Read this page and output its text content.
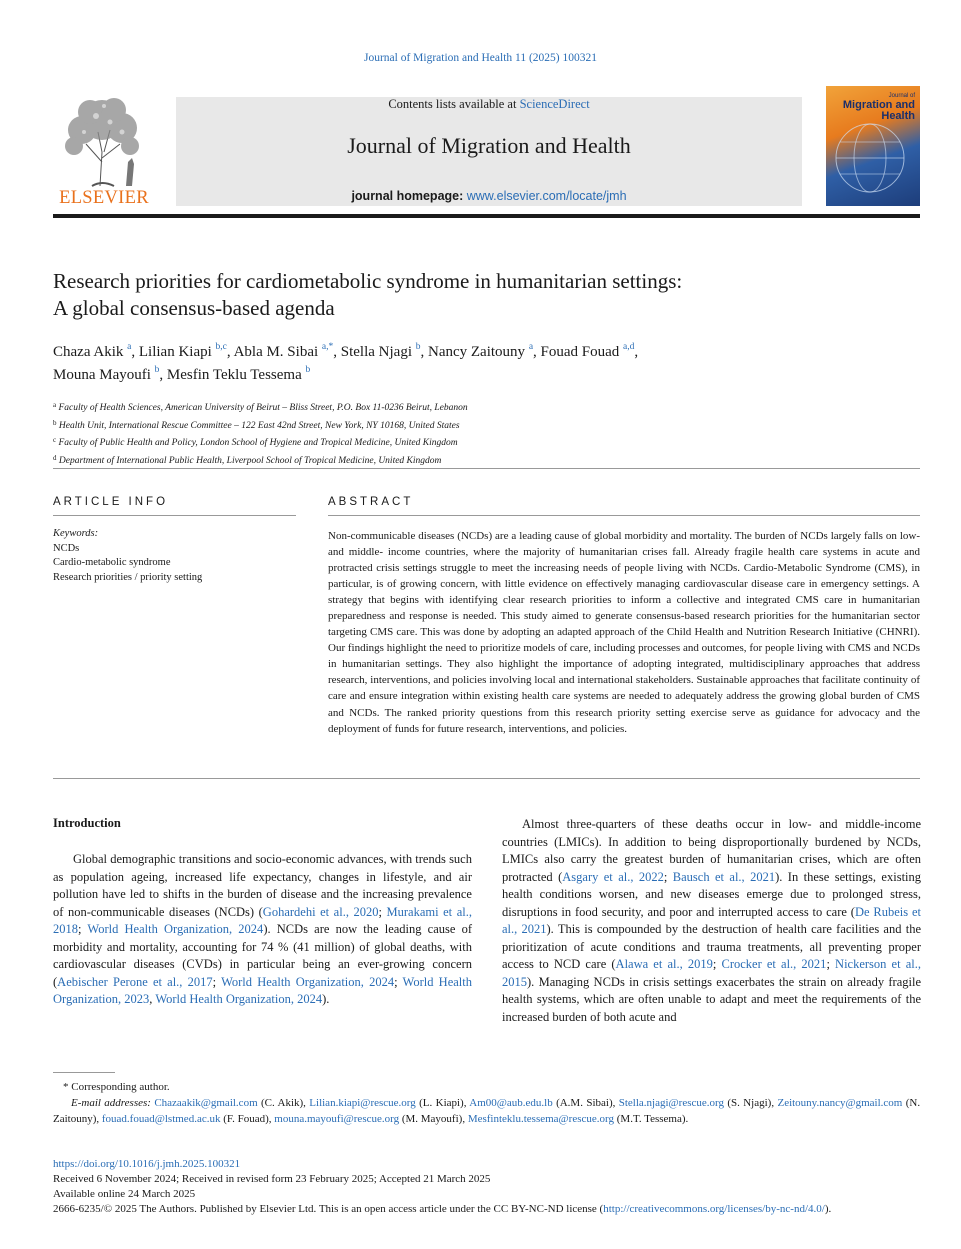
Journal of Migration and Health 11 (2025) 100321
ELSEVIER
Contents lists available at ScienceDirect
Journal of Migration and Health
journal homepage: www.elsevier.com/locate/jmh
Journal of
Migration and
Health
Research priorities for cardiometabolic syndrome in humanitarian settings:
A global consensus-based agenda
Chaza Akik $^a$, Lilian Kiapi $^{b,c}$, Abla M. Sibai $^{a,*}$, Stella Njagi $^b$, Nancy Zaitouny $^a$, Fouad Fouad $^{a,d}$,
Mouna Mayoufi $^b$, Mesfin Teklu Tessema $^b$
$^a$ Faculty of Health Sciences, American University of Beirut – Bliss Street, P.O. Box 11-0236 Beirut, Lebanon
$^b$ Health Unit, International Rescue Committee – 122 East 42nd Street, New York, NY 10168, United States
$^c$ Faculty of Public Health and Policy, London School of Hygiene and Tropical Medicine, United Kingdom
$^d$ Department of International Public Health, Liverpool School of Tropical Medicine, United Kingdom
ARTICLE INFO	ABSTRACT
Keywords:
NCDs
Cardio-metabolic syndrome
Research priorities / priority setting
Non-communicable diseases (NCDs) are a leading cause of global morbidity and mortality. The burden of NCDs largely falls on low- and middle- income countries, where the majority of humanitarian crises fall. Already fragile health care systems in acute and protracted crisis settings struggle to meet the increasing needs of people living with NCDs. Cardio-Metabolic Syndrome (CMS), in particular, is of growing concern, with little evidence on effectively managing cardiovascular disease care in emergency settings. A strategy that begins with identifying clear research priorities to inform a collective and integrated CMS care in humanitarian preparedness and response is needed. This study aimed to generate consensus-based research priorities for the humanitarian sector targeting CMS care. This was done by adopting an adapted approach of the Child Health and Nutrition Research Initiative (CHNRI). Our findings highlight the need to prioritize models of care, including processes and outcomes, for people living with CMS and NCDs in humanitarian settings. They also highlight the importance of adopting integrated, multidisciplinary approaches that address research, interventions, and policies involving local and international stakeholders. Sustainable approaches that facilitate continuity of care and ensure integration within existing health care systems are needed to adequately address the growing global burden of CMS and NCDs. The ranked priority questions from this research priority setting exercise serve as guidance for advocacy and the deployment of funds for future research, interventions, and policies.
Introduction

Global demographic transitions and socio-economic advances, with trends such as population ageing, increased life expectancy, changes in lifestyle, and air pollution have led to shifts in the burden of disease and the increasing prevalence of non-communicable diseases (NCDs) (Gohardehi et al., 2020; Murakami et al., 2018; World Health Organization, 2024). NCDs are now the leading cause of morbidity and mortality, accounting for 74 % (41 million) of global deaths, with cardiovascular diseases (CVDs) in particular being an ever-growing concern (Aebischer Perone et al., 2017; World Health Organization, 2024; World Health Organization, 2023, World Health Organization, 2024).

Almost three-quarters of these deaths occur in low- and middle-income countries (LMICs). In addition to being disproportionally burdened by NCDs, LMICs also carry the greatest burden of humanitarian crises, which are often protracted (Asgary et al., 2022; Bausch et al., 2021). In these settings, existing health conditions worsen, and new diseases emerge due to prolonged stress, disruptions in food security, and poor and interrupted access to care (De Rubeis et al., 2021). This is compounded by the destruction of health care facilities and the prioritization of acute conditions and trauma treatments, all preventing proper access to NCD care (Alawa et al., 2019; Crocker et al., 2021; Nickerson et al., 2015). Managing NCDs in crisis settings exacerbates the strain on already fragile health systems, which are often unable to adapt and meet the requirements of the increased burden of both acute and

* Corresponding author.
E-mail addresses: Chazaakik@gmail.com (C. Akik), Lilian.kiapi@rescue.org (L. Kiapi), Am00@aub.edu.lb (A.M. Sibai), Stella.njagi@rescue.org (S. Njagi), Zeitouny.nancy@gmail.com (N. Zaitouny), fouad.fouad@lstmed.ac.uk (F. Fouad), mouna.mayoufi@rescue.org (M. Mayoufi), Mesfinteklu.tessema@rescue.org (M.T. Tessema).
https://doi.org/10.1016/j.jmh.2025.100321
Received 6 November 2024; Received in revised form 23 February 2025; Accepted 21 March 2025
Available online 24 March 2025
2666-6235/© 2025 The Authors. Published by Elsevier Ltd. This is an open access article under the CC BY-NC-ND license (http://creativecommons.org/licenses/by-nc-nd/4.0/).
